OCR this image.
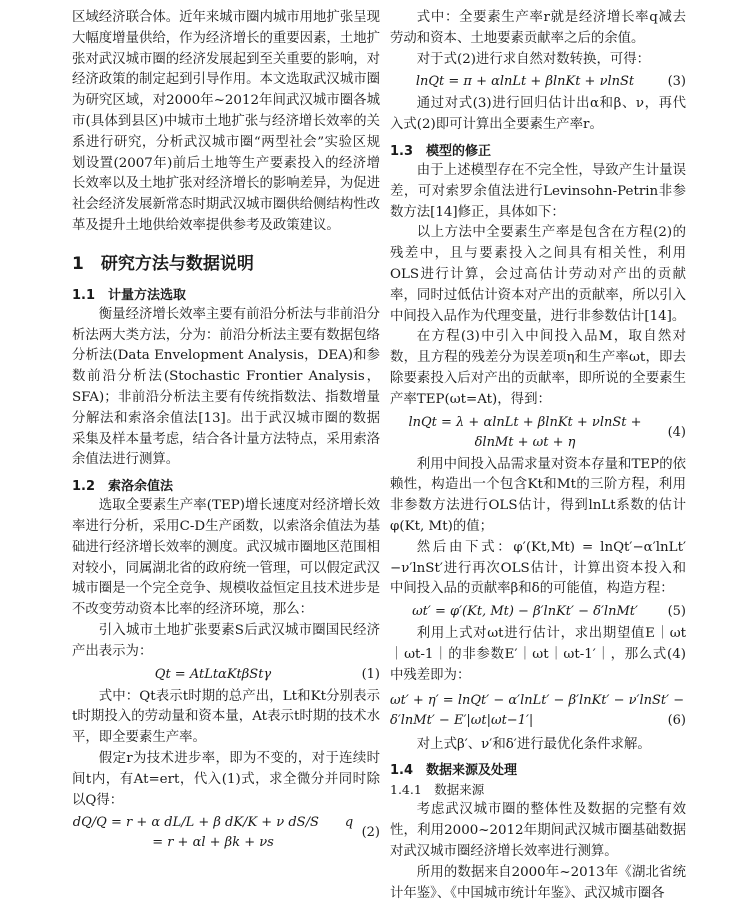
区域经济联合体。近年来城市圈内城市用地扩张呈现大幅度增量供给，作为经济增长的重要因素，土地扩张对武汉城市圈的经济发展起到至关重要的影响，对经济政策的制定起到引导作用。本文选取武汉城市圈为研究区域，对2000年~2012年间武汉城市圈各城市(具体到县区)中城市土地扩张与经济增长效率的关系进行研究，分析武汉城市圈“两型社会”实验区规划设置(2007年)前后土地等生产要素投入的经济增长效率以及土地扩张对经济增长的影响差异，为促进社会经济发展新常态时期武汉城市圈供给侧结构性改革及提升土地供给效率提供参考及政策建议。

1　研究方法与数据说明
1.1　计量方法选取

衡量经济增长效率主要有前沿分析法与非前沿分析法两大类方法，分为：前沿分析法主要有数据包络分析法(Data Envelopment Analysis，DEA)和参数前沿分析法(Stochastic Frontier Analysis，SFA)；非前沿分析法主要有传统指数法、指数增量分解法和索洛余值法[13]。出于武汉城市圈的数据采集及样本量考虑，结合各计量方法特点，采用索洛余值法进行测算。

1.2　索洛余值法

选取全要素生产率(TEP)增长速度对经济增长效率进行分析，采用C-D生产函数，以索洛余值法为基础进行经济增长效率的测度。武汉城市圈地区范围相对较小，同属湖北省的政府统一管理，可以假定武汉城市圈是一个完全竞争、规模收益恒定且技术进步是不改变劳动资本比率的经济环境，那么：

引入城市土地扩张要素S后武汉城市圈国民经济产出表示为：

Qt = AtLtαKtβStγ	(1)

式中：Qt表示t时期的总产出，Lt和Kt分别表示t时期投入的劳动量和资本量，At表示t时期的技术水平，即全要素生产率。

假定r为技术进步率，即为不变的，对于连续时间t内，有At=ert，代入(1)式，求全微分并同时除以Q得：

dQ/Q = r + α dL/L + β dK/K + ν dS/S　　q = r + αl + βk + νs
(2)

式中：全要素生产率r就是经济增长率q减去劳动和资本、土地要素贡献率之后的余值。

对于式(2)进行求自然对数转换，可得：

lnQt = π + αlnLt + βlnKt + νlnSt	(3)

通过对式(3)进行回归估计出α和β、ν，再代入式(2)即可计算出全要素生产率r。

1.3　模型的修正

由于上述模型存在不完全性，导致产生计量误差，可对索罗余值法进行Levinsohn-Petrin非参数方法[14]修正，具体如下：

以上方法中全要素生产率是包含在方程(2)的残差中，且与要素投入之间具有相关性，利用OLS进行计算，会过高估计劳动对产出的贡献率，同时过低估计资本对产出的贡献率，所以引入中间投入品作为代理变量，进行非参数估计[14]。

在方程(3)中引入中间投入品M，取自然对数，且方程的残差分为误差项η和生产率ωt，即去除要素投入后对产出的贡献率，即所说的全要素生产率TEP(ωt=At)，得到：

lnQt = λ + αlnLt + βlnKt + νlnSt + δlnMt + ωt + η
(4)

利用中间投入品需求量对资本存量和TEP的依赖性，构造出一个包含Kt和Mt的三阶方程，利用非参数方法进行OLS估计，得到lnLt系数的估计φ(Kt, Mt)的值；

然后由下式：φ′(Kt,Mt) = lnQt′−α′lnLt′−ν′lnSt′进行再次OLS估计，计算出资本投入和中间投入品的贡献率β和δ的可能值，构造方程：

ωt′ = φ′(Kt, Mt) − β′lnKt′ − δ′lnMt′	(5)

利用上式对ωt进行估计，求出期望值E｜ωt｜ωt-1｜的非参数E′｜ωt｜ωt-1′｜，那么式(4)中残差即为：

ωt′ + η′ = lnQt′ − α′lnLt′ − β′lnKt′ − ν′lnSt′ −
δ′lnMt′ − E′|ωt|ωt−1′|	(6)

对上式β′、ν′和δ′进行最优化条件求解。

1.4　数据来源及处理
1.4.1　数据来源

考虑武汉城市圈的整体性及数据的完整有效性，利用2000~2012年期间武汉城市圈基础数据对武汉城市圈经济增长效率进行测算。

所用的数据来自2000年~2013年《湖北省统计年鉴》、《中国城市统计年鉴》、武汉城市圈各
